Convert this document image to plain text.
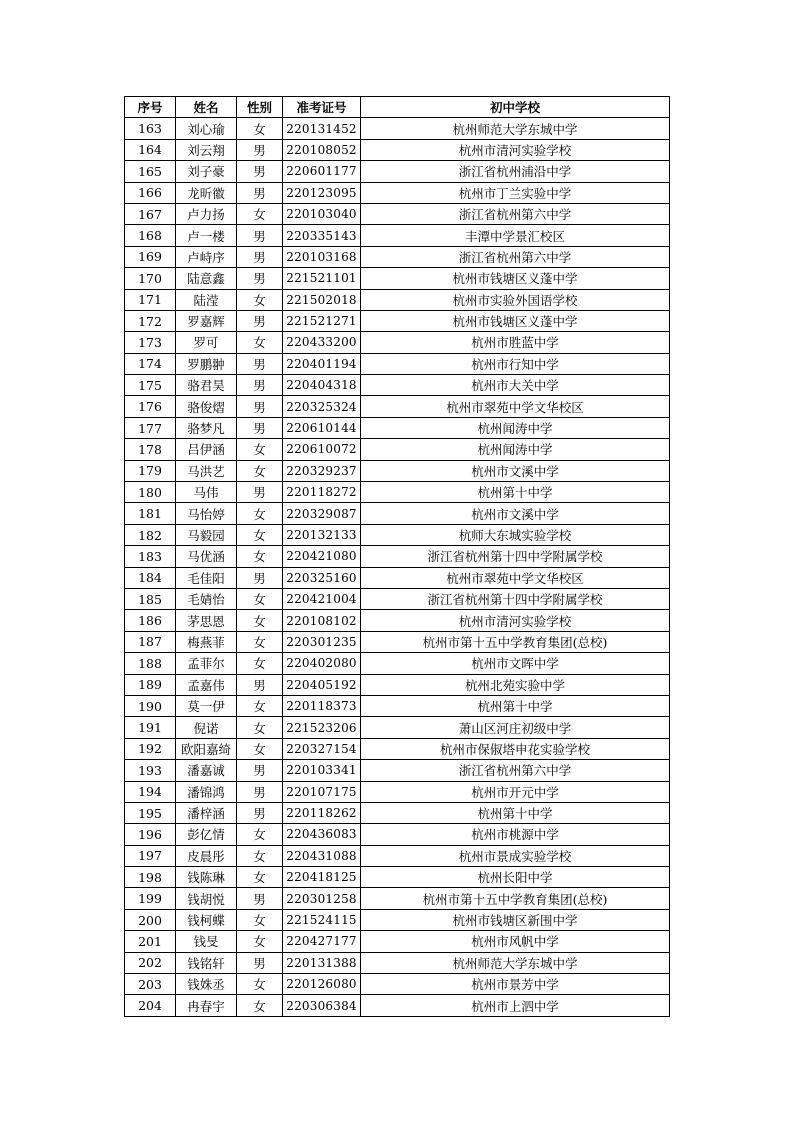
序号	姓名	性别	准考证号	初中学校
163	刘心瑜	女	220131452	杭州师范大学东城中学
164	刘云翔	男	220108052	杭州市清河实验学校
165	刘子豪	男	220601177	浙江省杭州浦沿中学
166	龙昕徽	男	220123095	杭州市丁兰实验中学
167	卢力扬	女	220103040	浙江省杭州第六中学
168	卢一楼	男	220335143	丰潭中学景汇校区
169	卢峙序	男	220103168	浙江省杭州第六中学
170	陆意鑫	男	221521101	杭州市钱塘区义蓬中学
171	陆滢	女	221502018	杭州市实验外国语学校
172	罗嘉辉	男	221521271	杭州市钱塘区义蓬中学
173	罗可	女	220433200	杭州市胜蓝中学
174	罗鹏翀	男	220401194	杭州市行知中学
175	骆君昊	男	220404318	杭州市大关中学
176	骆俊熠	男	220325324	杭州市翠苑中学文华校区
177	骆梦凡	男	220610144	杭州闻涛中学
178	吕伊涵	女	220610072	杭州闻涛中学
179	马洪艺	女	220329237	杭州市文溪中学
180	马伟	男	220118272	杭州第十中学
181	马怡婷	女	220329087	杭州市文溪中学
182	马毅园	女	220132133	杭师大东城实验学校
183	马优涵	女	220421080	浙江省杭州第十四中学附属学校
184	毛佳阳	男	220325160	杭州市翠苑中学文华校区
185	毛婧怡	女	220421004	浙江省杭州第十四中学附属学校
186	茅思恩	女	220108102	杭州市清河实验学校
187	梅燕菲	女	220301235	杭州市第十五中学教育集团(总校)
188	孟菲尔	女	220402080	杭州市文晖中学
189	孟嘉伟	男	220405192	杭州北苑实验中学
190	莫一伊	女	220118373	杭州第十中学
191	倪诺	女	221523206	萧山区河庄初级中学
192	欧阳嘉绮	女	220327154	杭州市保俶塔申花实验学校
193	潘嘉诚	男	220103341	浙江省杭州第六中学
194	潘锦鸿	男	220107175	杭州市开元中学
195	潘梓涵	男	220118262	杭州第十中学
196	彭亿情	女	220436083	杭州市桃源中学
197	皮晨彤	女	220431088	杭州市景成实验学校
198	钱陈琳	女	220418125	杭州长阳中学
199	钱胡悦	男	220301258	杭州市第十五中学教育集团(总校)
200	钱柯蝶	女	221524115	杭州市钱塘区新围中学
201	钱旻	女	220427177	杭州市风帆中学
202	钱铭轩	男	220131388	杭州师范大学东城中学
203	钱姝丞	女	220126080	杭州市景芳中学
204	冉春宇	女	220306384	杭州市上泗中学
